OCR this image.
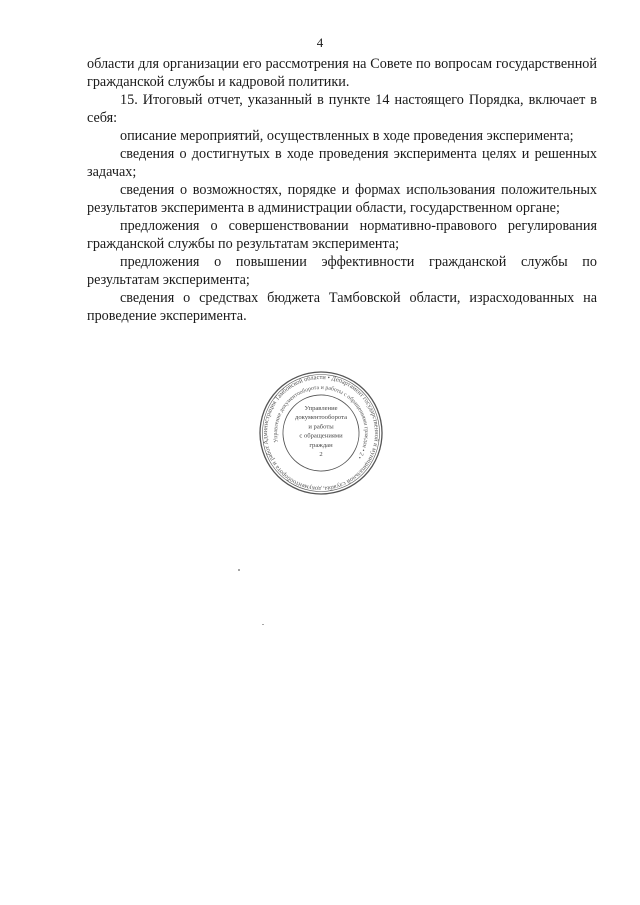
4

области для организации его рассмотрения на Совете по вопросам государственной гражданской службы и кадровой политики.

15. Итоговый отчет, указанный в пункте 14 настоящего Порядка, включает в себя:

описание мероприятий, осуществленных в ходе проведения эксперимента;

сведения о достигнутых в ходе проведения эксперимента целях и решенных задачах;

сведения о возможностях, порядке и формах использования положительных результатов эксперимента в администрации области, государственном органе;

предложения о совершенствовании нормативно-правового регулирования гражданской службы по результатам эксперимента;

предложения о повышении эффективности гражданской службы по результатам эксперимента;

сведения о средствах бюджета Тамбовской области, израсходованных на проведение эксперимента.

Администрация Тамбовской области • Департамент государственной и муниципальной службы, документооборота и работы
Управление документооборота и работы с обращениями граждан • 2 •
Управление
документооборота
и работы
с обращениями
граждан
2
